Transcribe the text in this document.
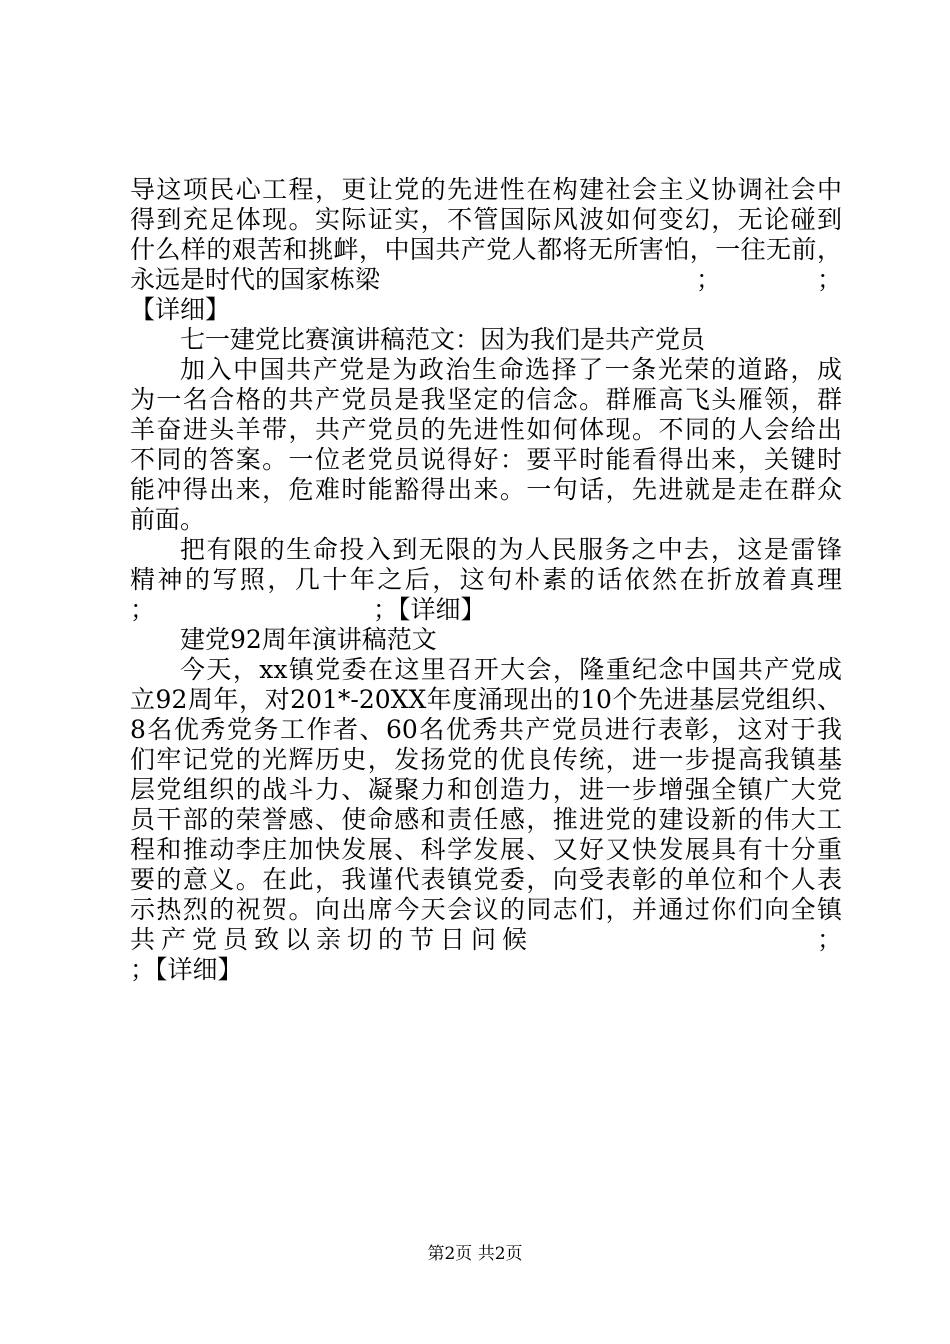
导这项民心工程，更让党的先进性在构建社会主义协调社会中
得到充足体现。实际证实，不管国际风波如何变幻，无论碰到
什么样的艰苦和挑衅，中国共产党人都将无所害怕，一往无前，
永远是时代的国家栋梁	；	；
【详细】
七一建党比赛演讲稿范文：因为我们是共产党员
加入中国共产党是为政治生命选择了一条光荣的道路，成
为一名合格的共产党员是我坚定的信念。群雁高飞头雁领，群
羊奋进头羊带，共产党员的先进性如何体现。不同的人会给出
不同的答案。一位老党员说得好：要平时能看得出来，关键时
能冲得出来，危难时能豁得出来。一句话，先进就是走在群众
前面。
把有限的生命投入到无限的为人民服务之中去，这是雷锋
精神的写照，几十年之后，这句朴素的话依然在折放着真理
；	；【详细】
建党92周年演讲稿范文
今天，xx镇党委在这里召开大会，隆重纪念中国共产党成
立92周年，对201*-20XX年度涌现出的10个先进基层党组织、
8名优秀党务工作者、60名优秀共产党员进行表彰，这对于我
们牢记党的光辉历史，发扬党的优良传统，进一步提高我镇基
层党组织的战斗力、凝聚力和创造力，进一步增强全镇广大党
员干部的荣誉感、使命感和责任感，推进党的建设新的伟大工
程和推动李庄加快发展、科学发展、又好又快发展具有十分重
要的意义。在此，我谨代表镇党委，向受表彰的单位和个人表
示热烈的祝贺。向出席今天会议的同志们，并通过你们向全镇
共产党员致以亲切的节日问候	；
；【详细】
第2页 共2页
